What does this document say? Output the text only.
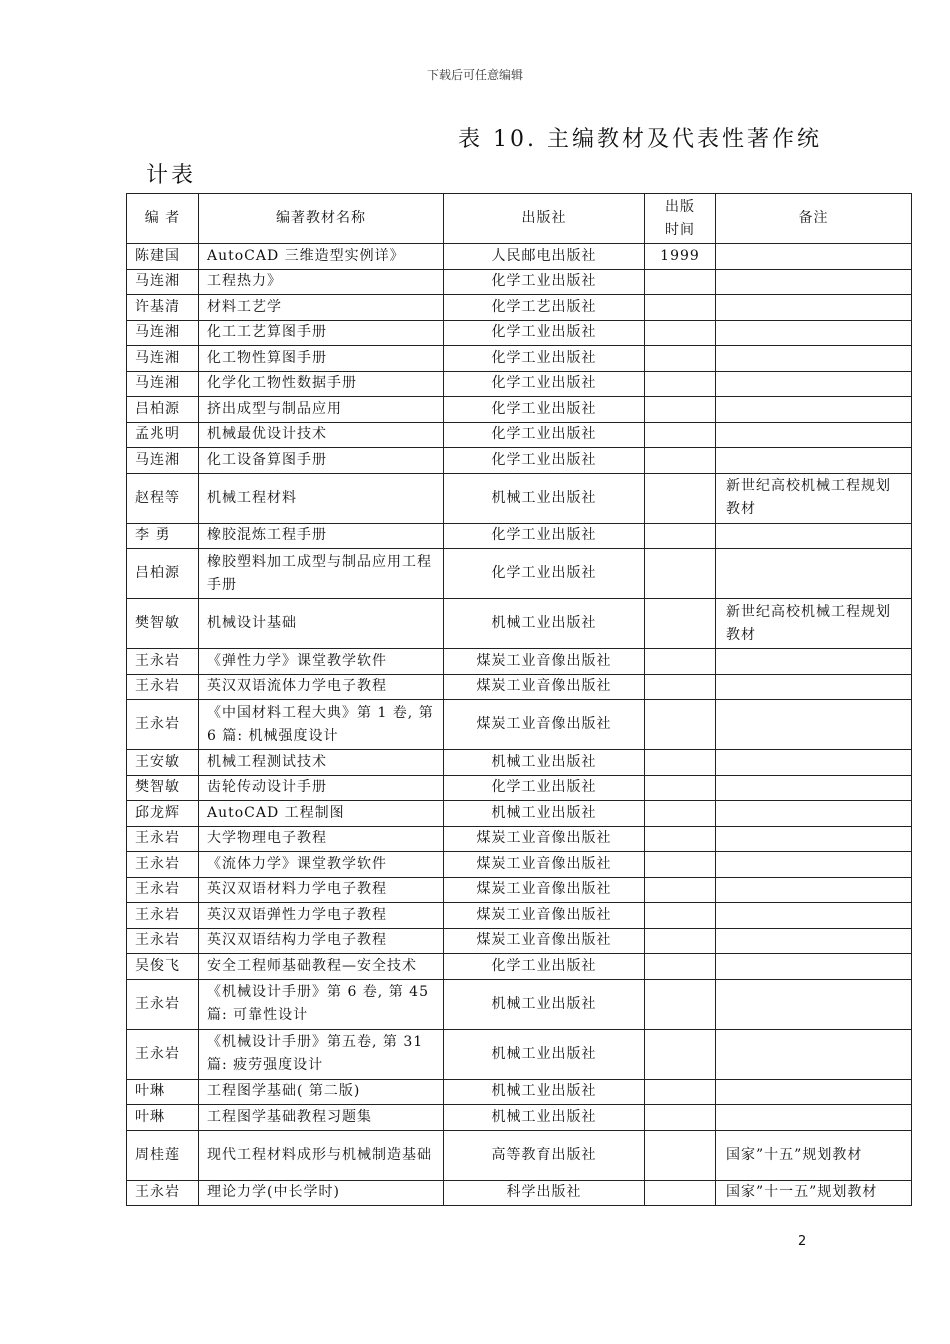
下载后可任意编辑
表 10. 主编教材及代表性著作统
计表
编 者	编著教材名称	出版社	出版时间	备注
陈建国	AutoCAD 三维造型实例详》	人民邮电出版社	1999	
马连湘	工程热力》	化学工业出版社		
许基清	材料工艺学	化学工艺出版社		
马连湘	化工工艺算图手册	化学工业出版社		
马连湘	化工物性算图手册	化学工业出版社		
马连湘	化学化工物性数据手册	化学工业出版社		
吕柏源	挤出成型与制品应用	化学工业出版社		
孟兆明	机械最优设计技术	化学工业出版社		
马连湘	化工设备算图手册	化学工业出版社		
赵程等	机械工程材料	机械工业出版社		新世纪高校机械工程规划教材
李 勇	橡胶混炼工程手册	化学工业出版社		
吕柏源	橡胶塑料加工成型与制品应用工程手册	化学工业出版社		
樊智敏	机械设计基础	机械工业出版社		新世纪高校机械工程规划教材
王永岩	《弹性力学》课堂教学软件	煤炭工业音像出版社		
王永岩	英汉双语流体力学电子教程	煤炭工业音像出版社		
王永岩	《中国材料工程大典》第 1 卷, 第 6 篇: 机械强度设计	煤炭工业音像出版社		
王安敏	机械工程测试技术	机械工业出版社		
樊智敏	齿轮传动设计手册	化学工业出版社		
邱龙辉	AutoCAD 工程制图	机械工业出版社		
王永岩	大学物理电子教程	煤炭工业音像出版社		
王永岩	《流体力学》课堂教学软件	煤炭工业音像出版社		
王永岩	英汉双语材料力学电子教程	煤炭工业音像出版社		
王永岩	英汉双语弹性力学电子教程	煤炭工业音像出版社		
王永岩	英汉双语结构力学电子教程	煤炭工业音像出版社		
吴俊飞	安全工程师基础教程—安全技术	化学工业出版社		
王永岩	《机械设计手册》第 6 卷, 第 45 篇: 可靠性设计	机械工业出版社		
王永岩	《机械设计手册》第五卷, 第 31 篇: 疲劳强度设计	机械工业出版社		
叶琳	工程图学基础( 第二版)	机械工业出版社		
叶琳	工程图学基础教程习题集	机械工业出版社		
周桂莲	现代工程材料成形与机械制造基础	高等教育出版社		国家”十五”规划教材
王永岩	理论力学(中长学时)	科学出版社		国家”十一五”规划教材
2
